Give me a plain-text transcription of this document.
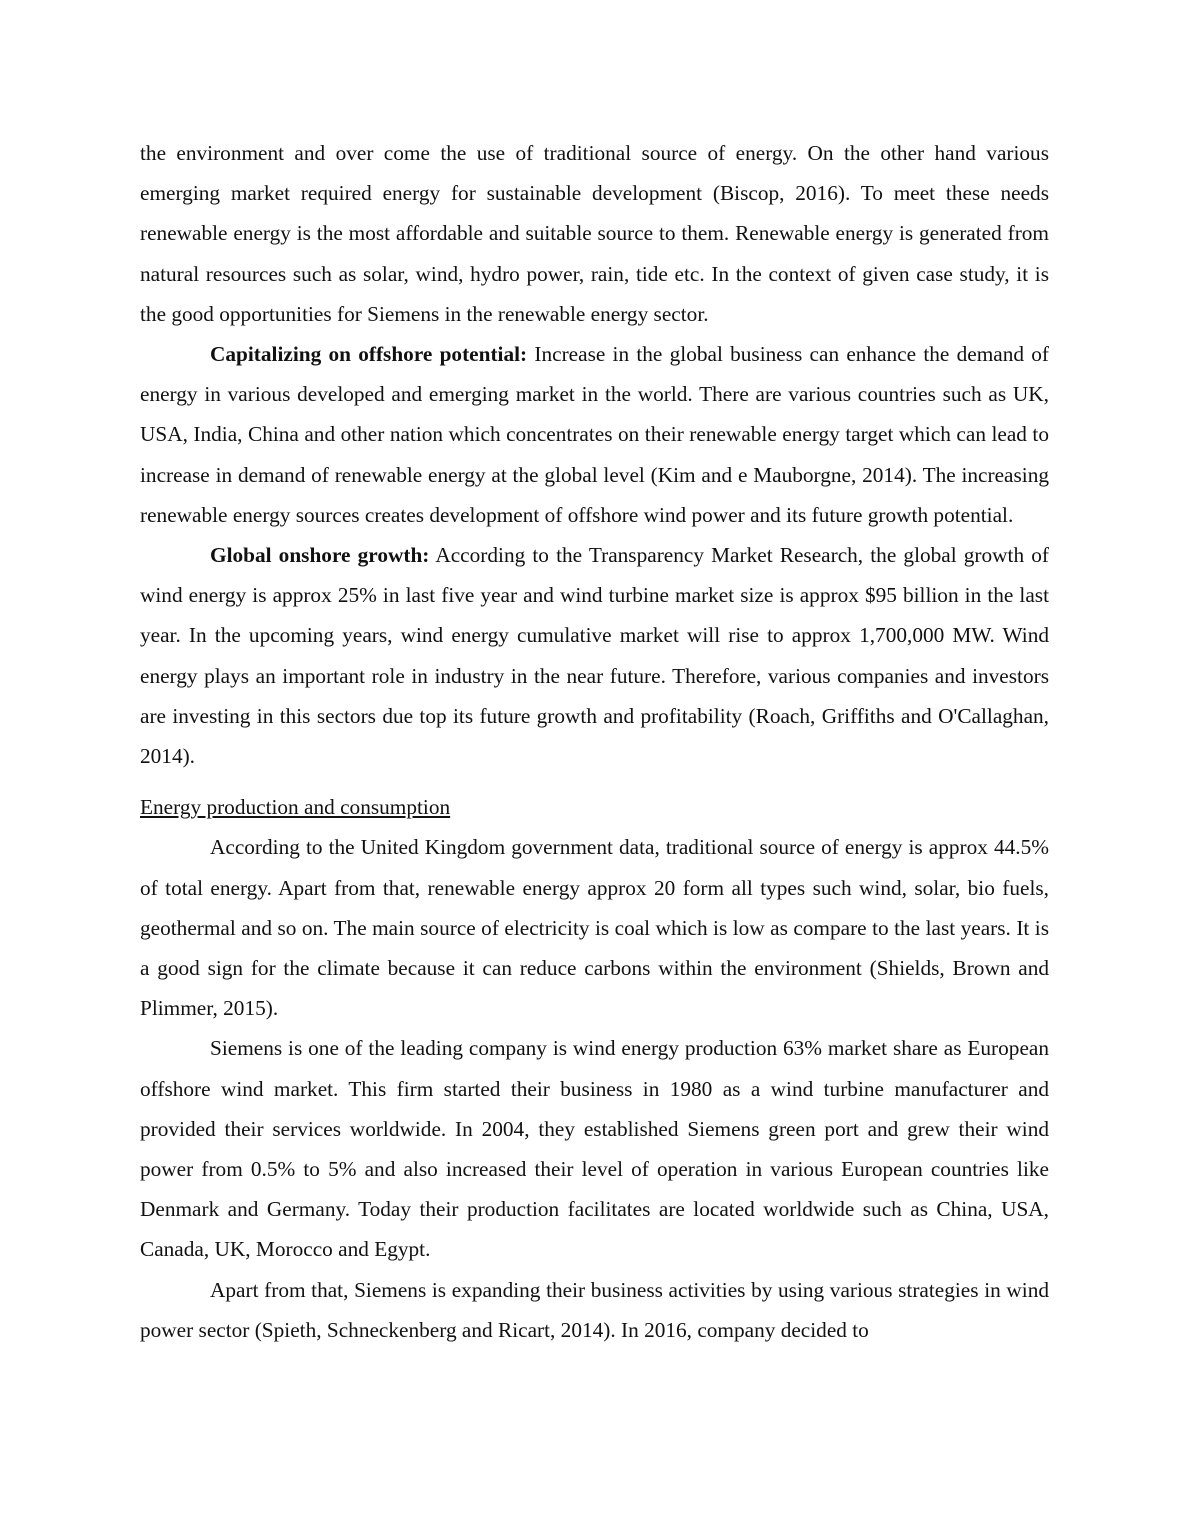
the environment and over come the use of traditional source of energy. On the other hand various emerging market required energy for sustainable development (Biscop, 2016). To meet these needs renewable energy is the most affordable and suitable source to them. Renewable energy is generated from natural resources such as solar, wind, hydro power, rain, tide etc. In the context of given case study, it is the good opportunities for Siemens in the renewable energy sector.

Capitalizing on offshore potential: Increase in the global business can enhance the demand of energy in various developed and emerging market in the world. There are various countries such as UK, USA, India, China and other nation which concentrates on their renewable energy target which can lead to increase in demand of renewable energy at the global level (Kim and e Mauborgne, 2014). The increasing renewable energy sources creates development of offshore wind power and its future growth potential.

Global onshore growth: According to the Transparency Market Research, the global growth of wind energy is approx 25% in last five year and wind turbine market size is approx $95 billion in the last year. In the upcoming years, wind energy cumulative market will rise to approx 1,700,000 MW. Wind energy plays an important role in industry in the near future. Therefore, various companies and investors are investing in this sectors due top its future growth and profitability (Roach, Griffiths and O'Callaghan, 2014).

Energy production and consumption

According to the United Kingdom government data, traditional source of energy is approx 44.5% of total energy. Apart from that, renewable energy approx 20 form all types such wind, solar, bio fuels, geothermal and so on. The main source of electricity is coal which is low as compare to the last years. It is a good sign for the climate because it can reduce carbons within the environment (Shields, Brown and Plimmer, 2015).

Siemens is one of the leading company is wind energy production 63% market share as European offshore wind market. This firm started their business in 1980 as a wind turbine manufacturer and provided their services worldwide. In 2004, they established Siemens green port and grew their wind power from 0.5% to 5% and also increased their level of operation in various European countries like Denmark and Germany. Today their production facilitates are located worldwide such as China, USA, Canada, UK, Morocco and Egypt.

Apart from that, Siemens is expanding their business activities by using various strategies in wind power sector (Spieth, Schneckenberg and Ricart, 2014). In 2016, company decided to
